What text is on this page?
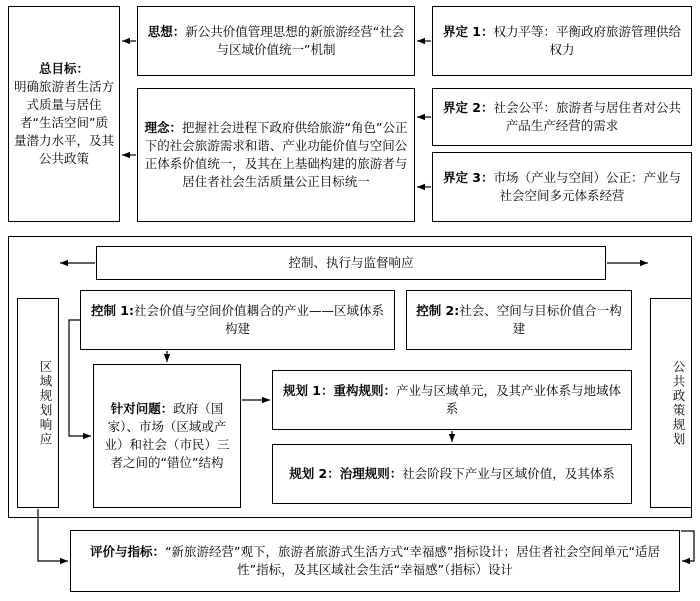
总目标：
明确旅游者生活方式质量与居住者“生活空间”质量潜力水平，及其公共政策
思想：新公共价值管理思想的新旅游经营“社会与区域价值统一”机制
理念：把握社会进程下政府供给旅游“角色”公正下的社会旅游需求和谐、产业功能价值与空间公正体系价值统一，及其在上基础构建的旅游者与居住者社会生活质量公正目标统一
界定 1：权力平等：平衡政府旅游管理供给权力
界定 2：社会公平：旅游者与居住者对公共产品生产经营的需求
界定 3：市场（产业与空间）公正：产业与社会空间多元体系经营
控制、执行与监督响应
区域规划响应	公共政策规划
控制 1:社会价值与空间价值耦合的产业——区域体系构建
控制 2:社会、空间与目标价值合一构建
针对问题：政府（国家）、市场（区域或产业）和社会（市民）三者之间的“错位”结构
规划 1：重构规则：产业与区域单元，及其产业体系与地域体系
规划 2：治理规则：社会阶段下产业与区域价值，及其体系
评价与指标：“新旅游经营”观下，旅游者旅游式生活方式“幸福感”指标设计；居住者社会空间单元“适居性”指标，及其区域社会生活“幸福感”（指标）设计
